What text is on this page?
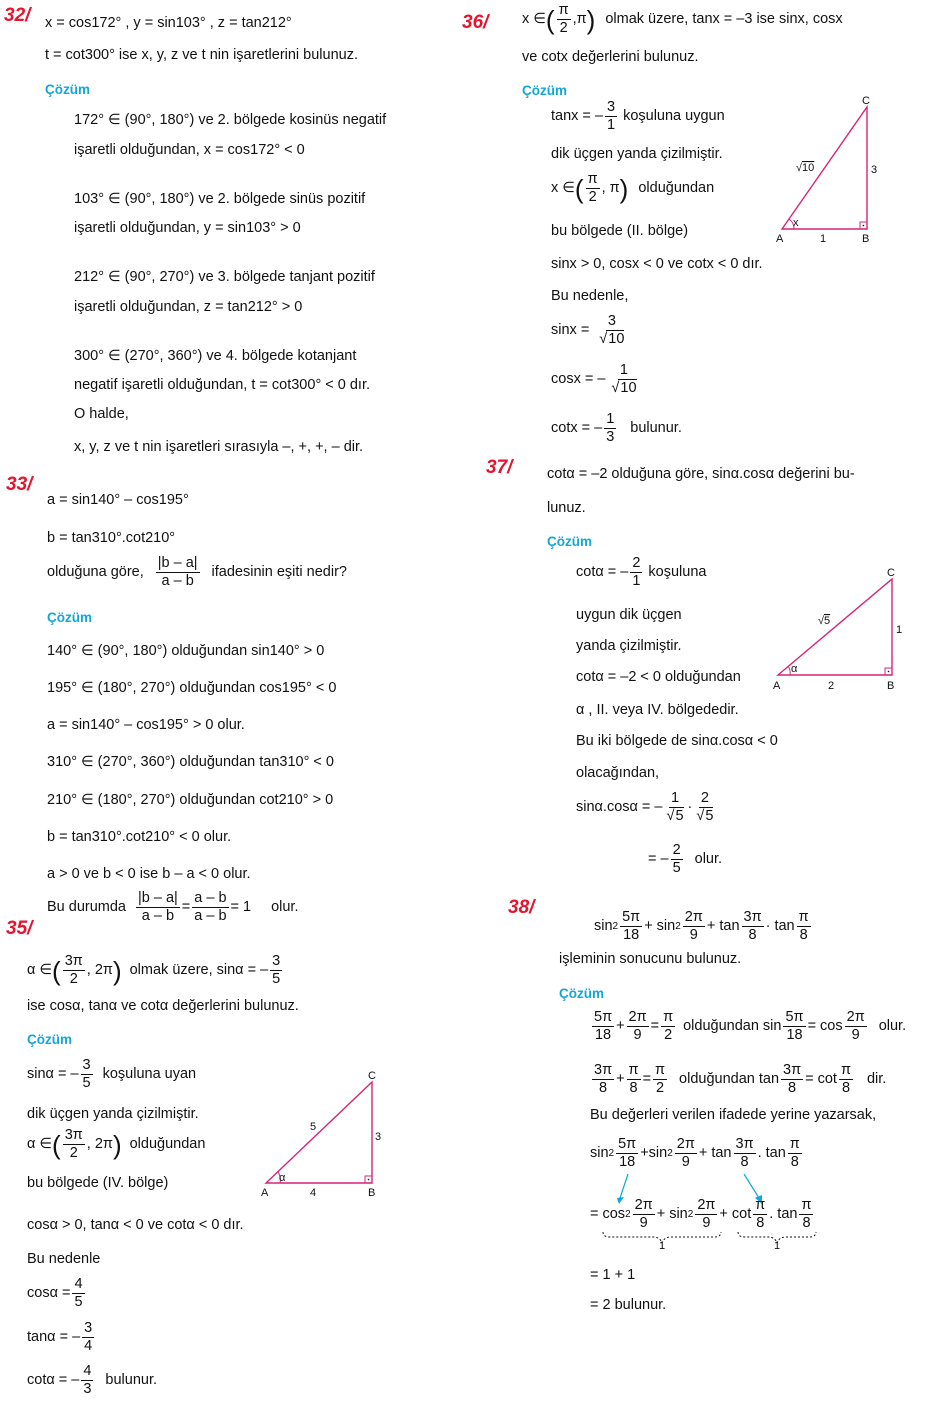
32/ x = cos172° , y = sin103° , z = tan212°
t = cot300° ise x, y, z ve t nin işaretlerini bulunuz.
Çözüm
172° ∈ (90°, 180°) ve 2. bölgede kosinüs negatif
işaretli olduğundan, x = cos172° < 0
103° ∈ (90°, 180°) ve 2. bölgede sinüs pozitif
işaretli olduğundan, y = sin103° > 0
212° ∈ (90°, 270°) ve 3. bölgede tanjant pozitif
işaretli olduğundan, z = tan212° > 0
300° ∈ (270°, 360°) ve 4. bölgede kotanjant
negatif işaretli olduğundan, t = cot300° < 0 dır.
O halde,
x, y, z ve t nin işaretleri sırasıyla –, +, +, – dir.
33/
a = sin140° – cos195°
b = tan310°.cot210°
olduğuna göre, $\frac{|b - a|}{a - b}$ ifadesinin eşiti nedir?
Çözüm
140° ∈ (90°, 180°) olduğundan sin140° > 0
195° ∈ (180°, 270°) olduğundan cos195° < 0
a = sin140° – cos195° > 0 olur.
310° ∈ (270°, 360°) olduğundan tan310° < 0
210° ∈ (180°, 270°) olduğundan cot210° > 0
b = tan310°.cot210° < 0 olur.
a > 0 ve b < 0 ise b – a < 0 olur.
Bu durumda $\frac{|b - a|}{a - b} = \frac{a - b}{a - b} = 1$ olur.
35/
α ∈ ( $\frac{3\pi}{2}$ , 2π ) olmak üzere, sinα = – $\frac{3}{5}$
ise cosα, tanα ve cotα değerlerini bulunuz.
Çözüm
sinα = – $\frac{3}{5}$ koşuluna uyan
dik üçgen yanda çizilmiştir.
α ∈ ( $\frac{3\pi}{2}$ , 2π ) olduğundan
bu bölgede (IV. bölge)
cosα > 0, tanα < 0 ve cotα < 0 dır.
Bu nedenle
$\cos\alpha = \frac{4}{5}$
tanα = – $\frac{3}{4}$
cotα = – $\frac{4}{3}$ bulunur.
A	B
C
5
4
3
α
36/ x ∈ ( $\frac{\pi}{2} ,\pi$ ) olmak üzere, tanx = –3 ise sinx, cosx
ve cotx değerlerini bulunuz.
Çözüm
tanx = – $\frac{3}{1}$ koşuluna uygun
dik üçgen yanda çizilmiştir.
x ∈ ( $\frac{\pi}{2}$ , π ) olduğundan
bu bölgede (II. bölge)
sinx > 0, cosx < 0 ve cotx < 0 dır.
Bu nedenle,
$\sin x = \frac{3}{√10}$
cosx = – $\frac{1}{√10}$
cotx = – $\frac{1}{3}$ bulunur.
A	B
C
√10
1
3
x
37/ cotα = –2 olduğuna göre, sinα.cosα değerini bu-
lunuz.
Çözüm
cotα = – $\frac{2}{1}$ koşuluna
uygun dik üçgen
yanda çizilmiştir.
cotα = –2 < 0 olduğundan
α , II. veya IV. bölgededir.
Bu iki bölgede de sinα.cosα < 0
olacağından,
sinα.cosα = – $\frac{1}{√5} \cdot \frac{2}{√5}$
= – $\frac{2}{5}$ olur.
A	B
C
√5
2
1
α
38/
$\sin 2 \frac{5\pi}{18} + \sin 2 \frac{2\pi}{9} + \tan \frac{3\pi}{8} \cdot \tan \frac{\pi}{8}$
işleminin sonucunu bulunuz.
Çözüm
$\frac{5\pi}{18} + \frac{2\pi}{9} = \frac{\pi}{2}$ olduğundan $\sin \frac{5\pi}{18} = \cos \frac{2\pi}{9}$ olur.
$\frac{3\pi}{8} + \frac{\pi}{8} = \frac{\pi}{2}$ olduğundan $\tan \frac{3\pi}{8} = \cot \frac{\pi}{8}$ dir.
Bu değerleri verilen ifadede yerine yazarsak,
$\sin 2 \frac{5\pi}{18} +\sin$ $2 \frac{2\pi}{9} + \tan \frac{3\pi}{8}$ . $\tan \frac{\pi}{8}$
= $\cos 2 \frac{2\pi}{9} + \sin 2 \frac{2\pi}{9} + \cot \frac{\pi}{8}$ . $\tan \frac{\pi}{8}$
1	1
= 1 + 1
= 2 bulunur.
